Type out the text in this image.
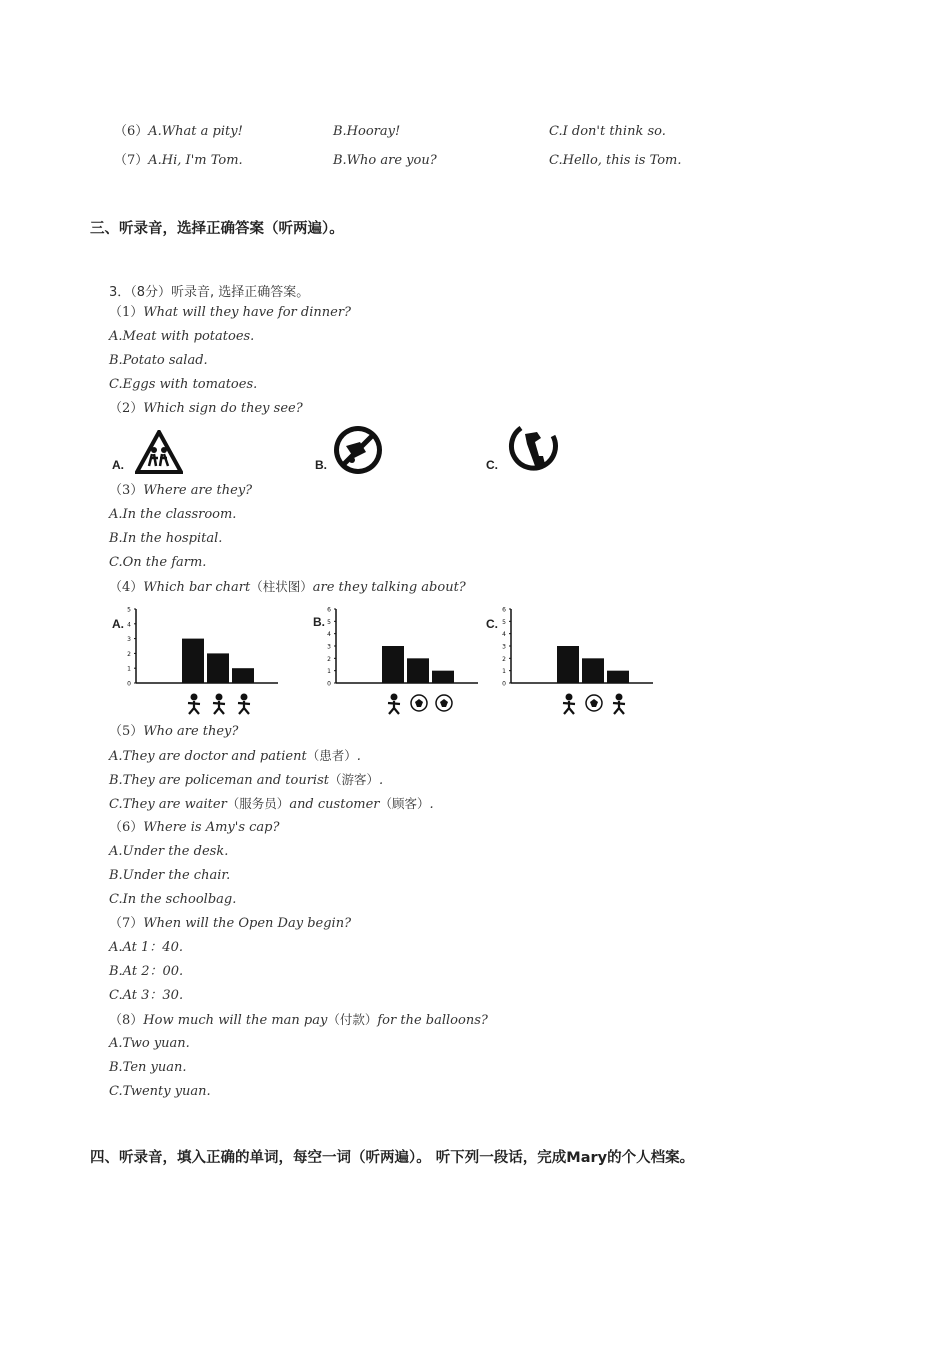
（6）A.What a pity!	B.Hooray!	C.I don't think so.
（7）A.Hi, I'm Tom.	B.Who are you?	C.Hello, this is Tom.
三、听录音，选择正确答案（听两遍）。
3．（8分）听录音, 选择正确答案。
（1）What will they have for dinner?
A.Meat with potatoes.
B.Potato salad.
C.Eggs with tomatoes.
（2）Which sign do they see?
A.	B.	C.
（3）Where are they?
A.In the classroom.
B.In the hospital.
C.On the farm.
（4）Which bar chart（柱状图）are they talking about?
A.	B.	C.
0
1
2
3
4
5
0
1
2
3
4
5
6
0
1
2
3
4
5
6
（5）Who are they?
A.They are doctor and patient（患者）.
B.They are policeman and tourist（游客）.
C.They are waiter（服务员）and customer（顾客）.
（6）Where is Amy's cap?
A.Under the desk.
B.Under the chair.
C.In the schoolbag.
（7）When will the Open Day begin?
A.At 1：40.
B.At 2：00.
C.At 3：30.
（8）How much will the man pay（付款）for the balloons?
A.Two yuan.
B.Ten yuan.
C.Twenty yuan.
四、听录音，填入正确的单词，每空一词（听两遍）。 听下列一段话，完成Mary的个人档案。
